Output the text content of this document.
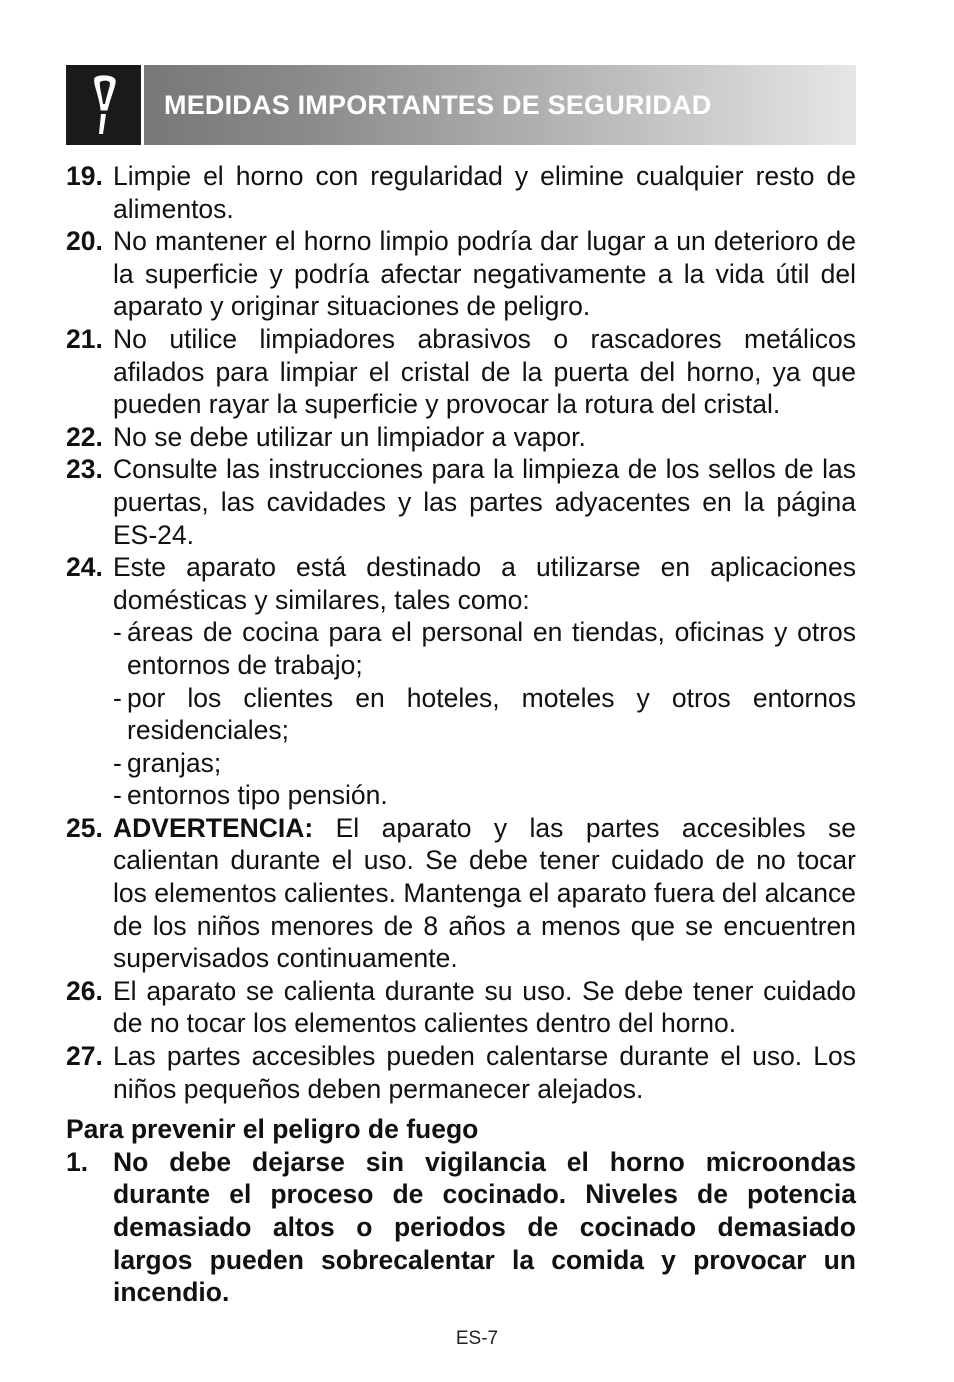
MEDIDAS IMPORTANTES DE SEGURIDAD
19. Limpie el horno con regularidad y elimine cualquier resto de alimentos.
20. No mantener el horno limpio podría dar lugar a un deterioro de la superficie y podría afectar negativamente a la vida útil del aparato y originar situaciones de peligro.
21. No utilice limpiadores abrasivos o rascadores metálicos afilados para limpiar el cristal de la puerta del horno, ya que pueden rayar la superficie y provocar la rotura del cristal.
22. No se debe utilizar un limpiador a vapor.
23. Consulte las instrucciones para la limpieza de los sellos de las puertas, las cavidades y las partes adyacentes en la página ES-24.
24. Este aparato está destinado a utilizarse en aplicaciones domésticas y similares, tales como:
- áreas de cocina para el personal en tiendas, oficinas y otros entornos de trabajo;
- por los clientes en hoteles, moteles y otros entornos residenciales;
- granjas;
- entornos tipo pensión.
25. ADVERTENCIA: El aparato y las partes accesibles se calientan durante el uso. Se debe tener cuidado de no tocar los elementos calientes. Mantenga el aparato fuera del alcance de los niños menores de 8 años a menos que se encuentren supervisados continuamente.
26. El aparato se calienta durante su uso. Se debe tener cuidado de no tocar los elementos calientes dentro del horno.
27. Las partes accesibles pueden calentarse durante el uso. Los niños pequeños deben permanecer alejados.
Para prevenir el peligro de fuego
1. No debe dejarse sin vigilancia el horno microondas durante el proceso de cocinado. Niveles de potencia demasiado altos o periodos de cocinado demasiado largos pueden sobrecalentar la comida y provocar un incendio.
ES-7
